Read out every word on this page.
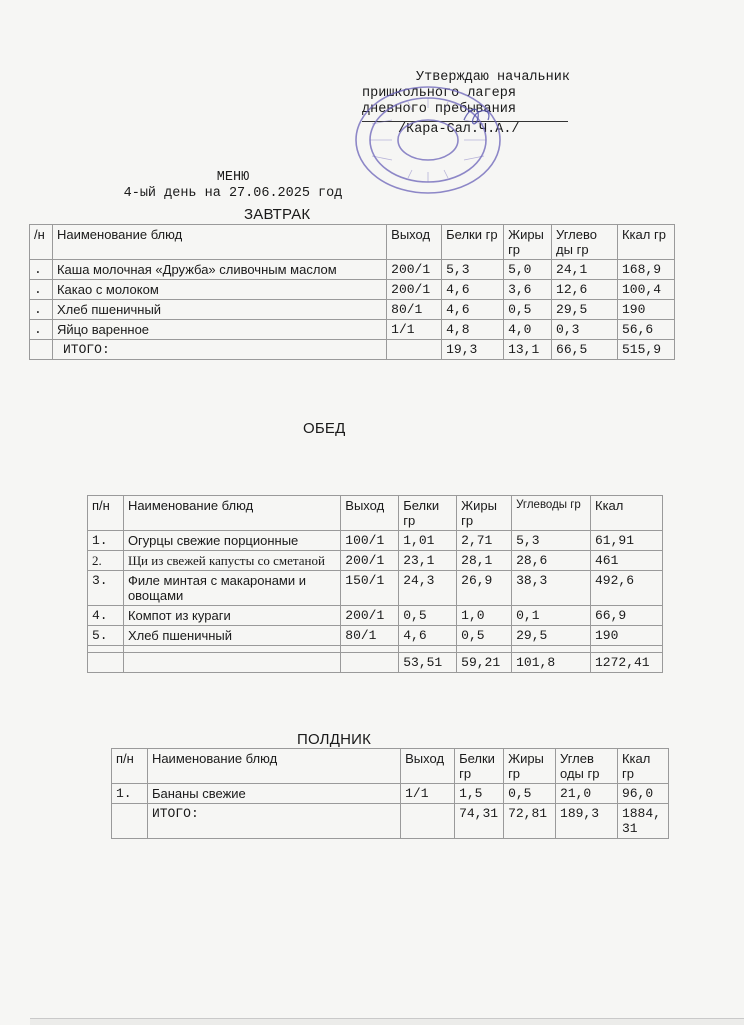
Утверждаю начальник
пришкольного лагеря
дневного пребывания
/Кара-Сал.Ч.А./
МЕНЮ
4-ый день на 27.06.2025 год
ЗАВТРАК
/н	Наименование блюд	Выход	Белки гр	Жиры гр	Углево ды гр	Ккал гр
.	Каша молочная «Дружба» сливочным маслом	200/1	5,3	5,0	24,1	168,9
.	Какао с молоком	200/1	4,6	3,6	12,6	100,4
.	Хлеб пшеничный	80/1	4,6	0,5	29,5	190
.	Яйцо варенное	1/1	4,8	4,0	0,3	56,6
	ИТОГО:		19,3	13,1	66,5	515,9
ОБЕД
п/н	Наименование блюд	Выход	Белки гр	Жиры гр	Углеводы гр	Ккал
1.	Огурцы свежие порционные	100/1	1,01	2,71	5,3	61,91
2.	Щи из свежей капусты со сметаной	200/1	23,1	28,1	28,6	461
3.	Филе минтая с макаронами и овощами	150/1	24,3	26,9	38,3	492,6
4.	Компот из кураги	200/1	0,5	1,0	0,1	66,9
5.	Хлеб пшеничный	80/1	4,6	0,5	29,5	190

			53,51	59,21	101,8	1272,41
ПОЛДНИК
п/н	Наименование блюд	Выход	Белки гр	Жиры гр	Углев оды гр	Ккал гр
1.	Бананы свежие	1/1	1,5	0,5	21,0	96,0
	ИТОГО:		74,31	72,81	189,3	1884, 31
